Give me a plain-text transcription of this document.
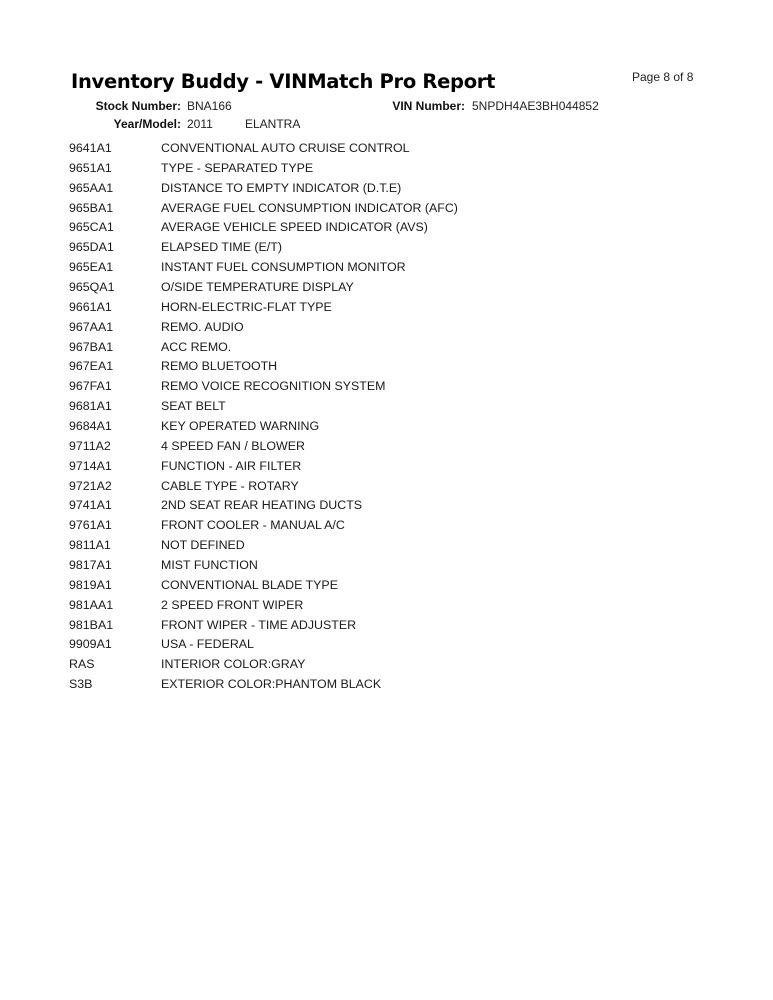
Inventory Buddy - VINMatch Pro Report	Page 8 of 8
Stock Number: BNA166	VIN Number: 5NPDH4AE3BH044852
Year/Model: 2011	ELANTRA
9641A1	CONVENTIONAL AUTO CRUISE CONTROL
9651A1	TYPE - SEPARATED TYPE
965AA1	DISTANCE TO EMPTY INDICATOR (D.T.E)
965BA1	AVERAGE FUEL CONSUMPTION INDICATOR (AFC)
965CA1	AVERAGE VEHICLE SPEED INDICATOR (AVS)
965DA1	ELAPSED TIME (E/T)
965EA1	INSTANT FUEL CONSUMPTION MONITOR
965QA1	O/SIDE TEMPERATURE DISPLAY
9661A1	HORN-ELECTRIC-FLAT TYPE
967AA1	REMO. AUDIO
967BA1	ACC REMO.
967EA1	REMO BLUETOOTH
967FA1	REMO VOICE RECOGNITION SYSTEM
9681A1	SEAT BELT
9684A1	KEY OPERATED WARNING
9711A2	4 SPEED FAN / BLOWER
9714A1	FUNCTION - AIR FILTER
9721A2	CABLE TYPE - ROTARY
9741A1	2ND SEAT REAR HEATING DUCTS
9761A1	FRONT COOLER - MANUAL A/C
9811A1	NOT DEFINED
9817A1	MIST FUNCTION
9819A1	CONVENTIONAL BLADE TYPE
981AA1	2 SPEED FRONT WIPER
981BA1	FRONT WIPER - TIME ADJUSTER
9909A1	USA - FEDERAL
RAS	INTERIOR COLOR:GRAY
S3B	EXTERIOR COLOR:PHANTOM BLACK
